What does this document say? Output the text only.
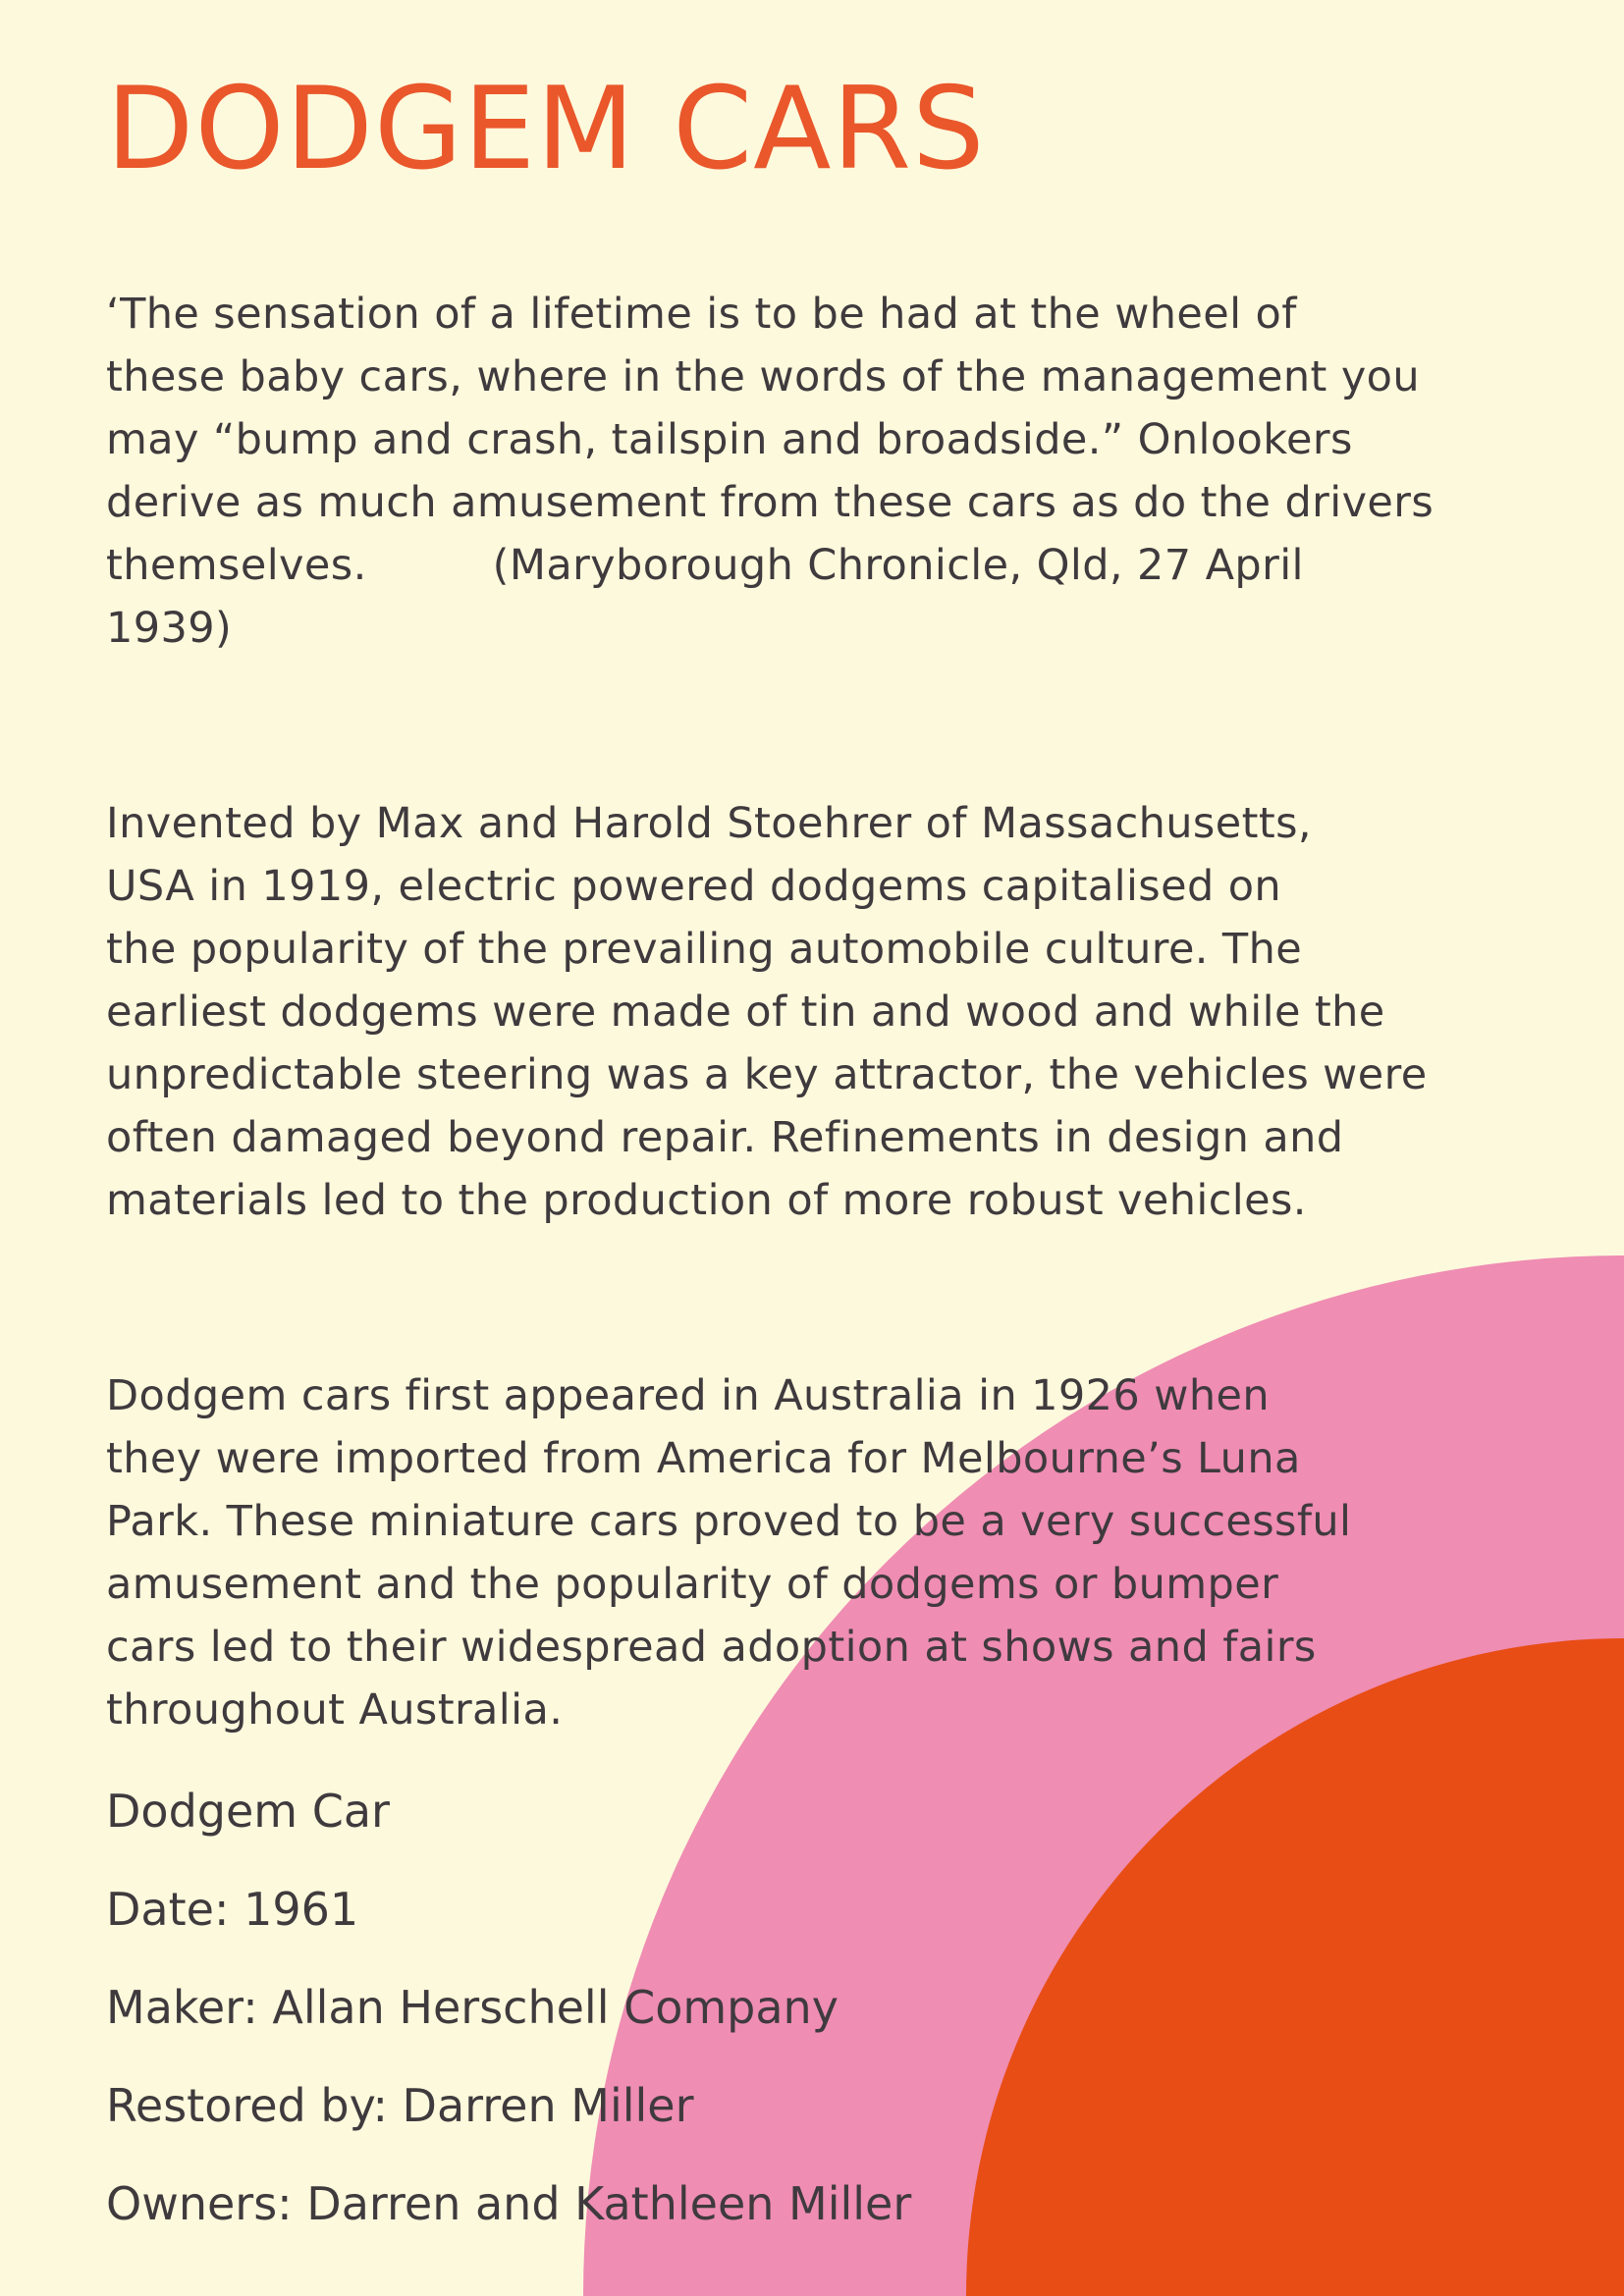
DODGEM CARS

‘The sensation of a lifetime is to be had at the wheel of
these baby cars, where in the words of the management you
may “bump and crash, tailspin and broadside.” Onlookers
derive as much amusement from these cars as do the drivers
themselves.	(Maryborough Chronicle, Qld, 27 April
1939)

Invented by Max and Harold Stoehrer of Massachusetts,
USA in 1919, electric powered dodgems capitalised on
the popularity of the prevailing automobile culture. The
earliest dodgems were made of tin and wood and while the
unpredictable steering was a key attractor, the vehicles were
often damaged beyond repair. Refinements in design and
materials led to the production of more robust vehicles.

Dodgem cars first appeared in Australia in 1926 when
they were imported from America for Melbourne’s Luna
Park. These miniature cars proved to be a very successful
amusement and the popularity of dodgems or bumper
cars led to their widespread adoption at shows and fairs
throughout Australia.

Dodgem Car

Date: 1961

Maker: Allan Herschell Company

Restored by: Darren Miller

Owners: Darren and Kathleen Miller
